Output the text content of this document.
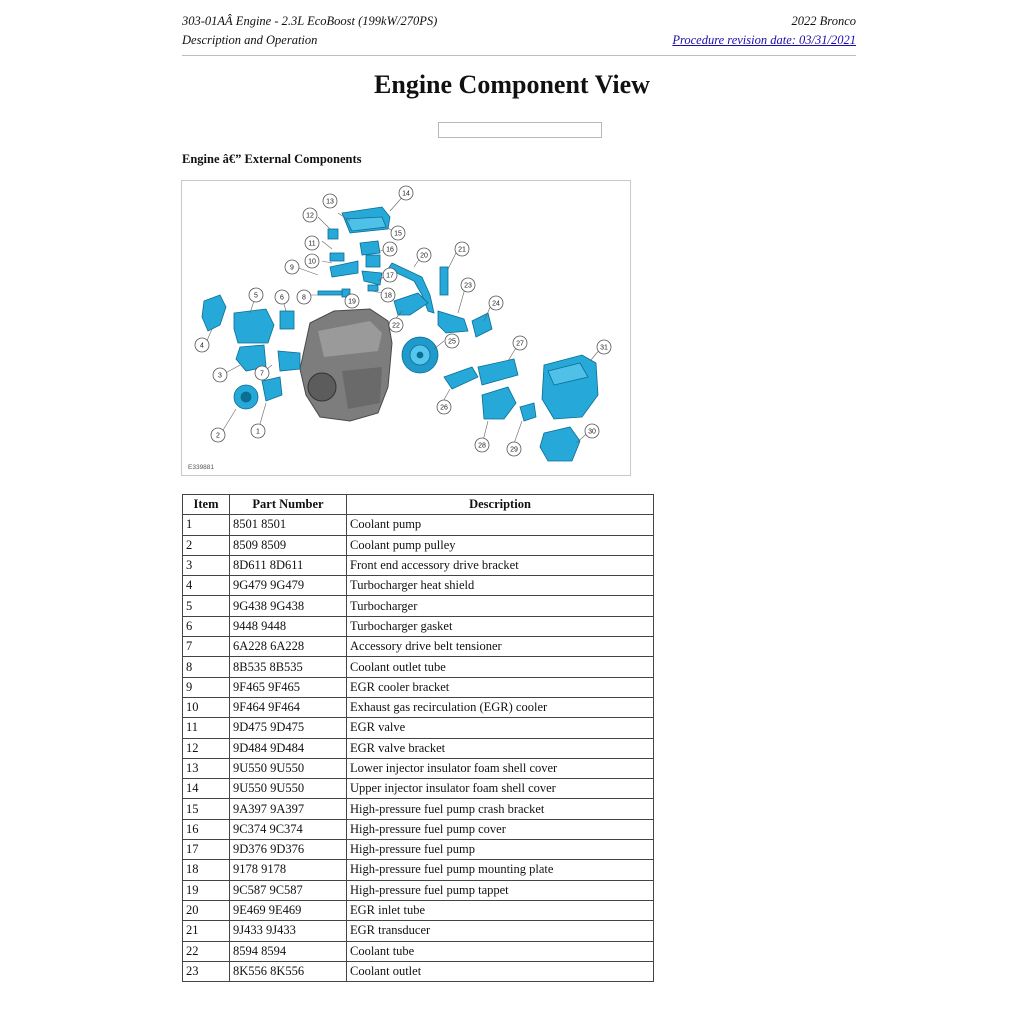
303-01AÂ Engine - 2.3L EcoBoost (199kW/270PS)
Description and Operation
2022 Bronco
Procedure revision date: 03/31/2021
Engine Component View
Engine â€” External Components
1
2
3
4
5	6
7
8
9
10
11
12
13
14
15
16
17
18
19
20
21
22
23
24
25
26
27
28
29
30
31
E339881
Item	Part Number	Description
1	8501 8501	Coolant pump
2	8509 8509	Coolant pump pulley
3	8D611 8D611	Front end accessory drive bracket
4	9G479 9G479	Turbocharger heat shield
5	9G438 9G438	Turbocharger
6	9448 9448	Turbocharger gasket
7	6A228 6A228	Accessory drive belt tensioner
8	8B535 8B535	Coolant outlet tube
9	9F465 9F465	EGR cooler bracket
10	9F464 9F464	Exhaust gas recirculation (EGR) cooler
11	9D475 9D475	EGR valve
12	9D484 9D484	EGR valve bracket
13	9U550 9U550	Lower injector insulator foam shell cover
14	9U550 9U550	Upper injector insulator foam shell cover
15	9A397 9A397	High-pressure fuel pump crash bracket
16	9C374 9C374	High-pressure fuel pump cover
17	9D376 9D376	High-pressure fuel pump
18	9178 9178	High-pressure fuel pump mounting plate
19	9C587 9C587	High-pressure fuel pump tappet
20	9E469 9E469	EGR inlet tube
21	9J433 9J433	EGR transducer
22	8594 8594	Coolant tube
23	8K556 8K556	Coolant outlet
